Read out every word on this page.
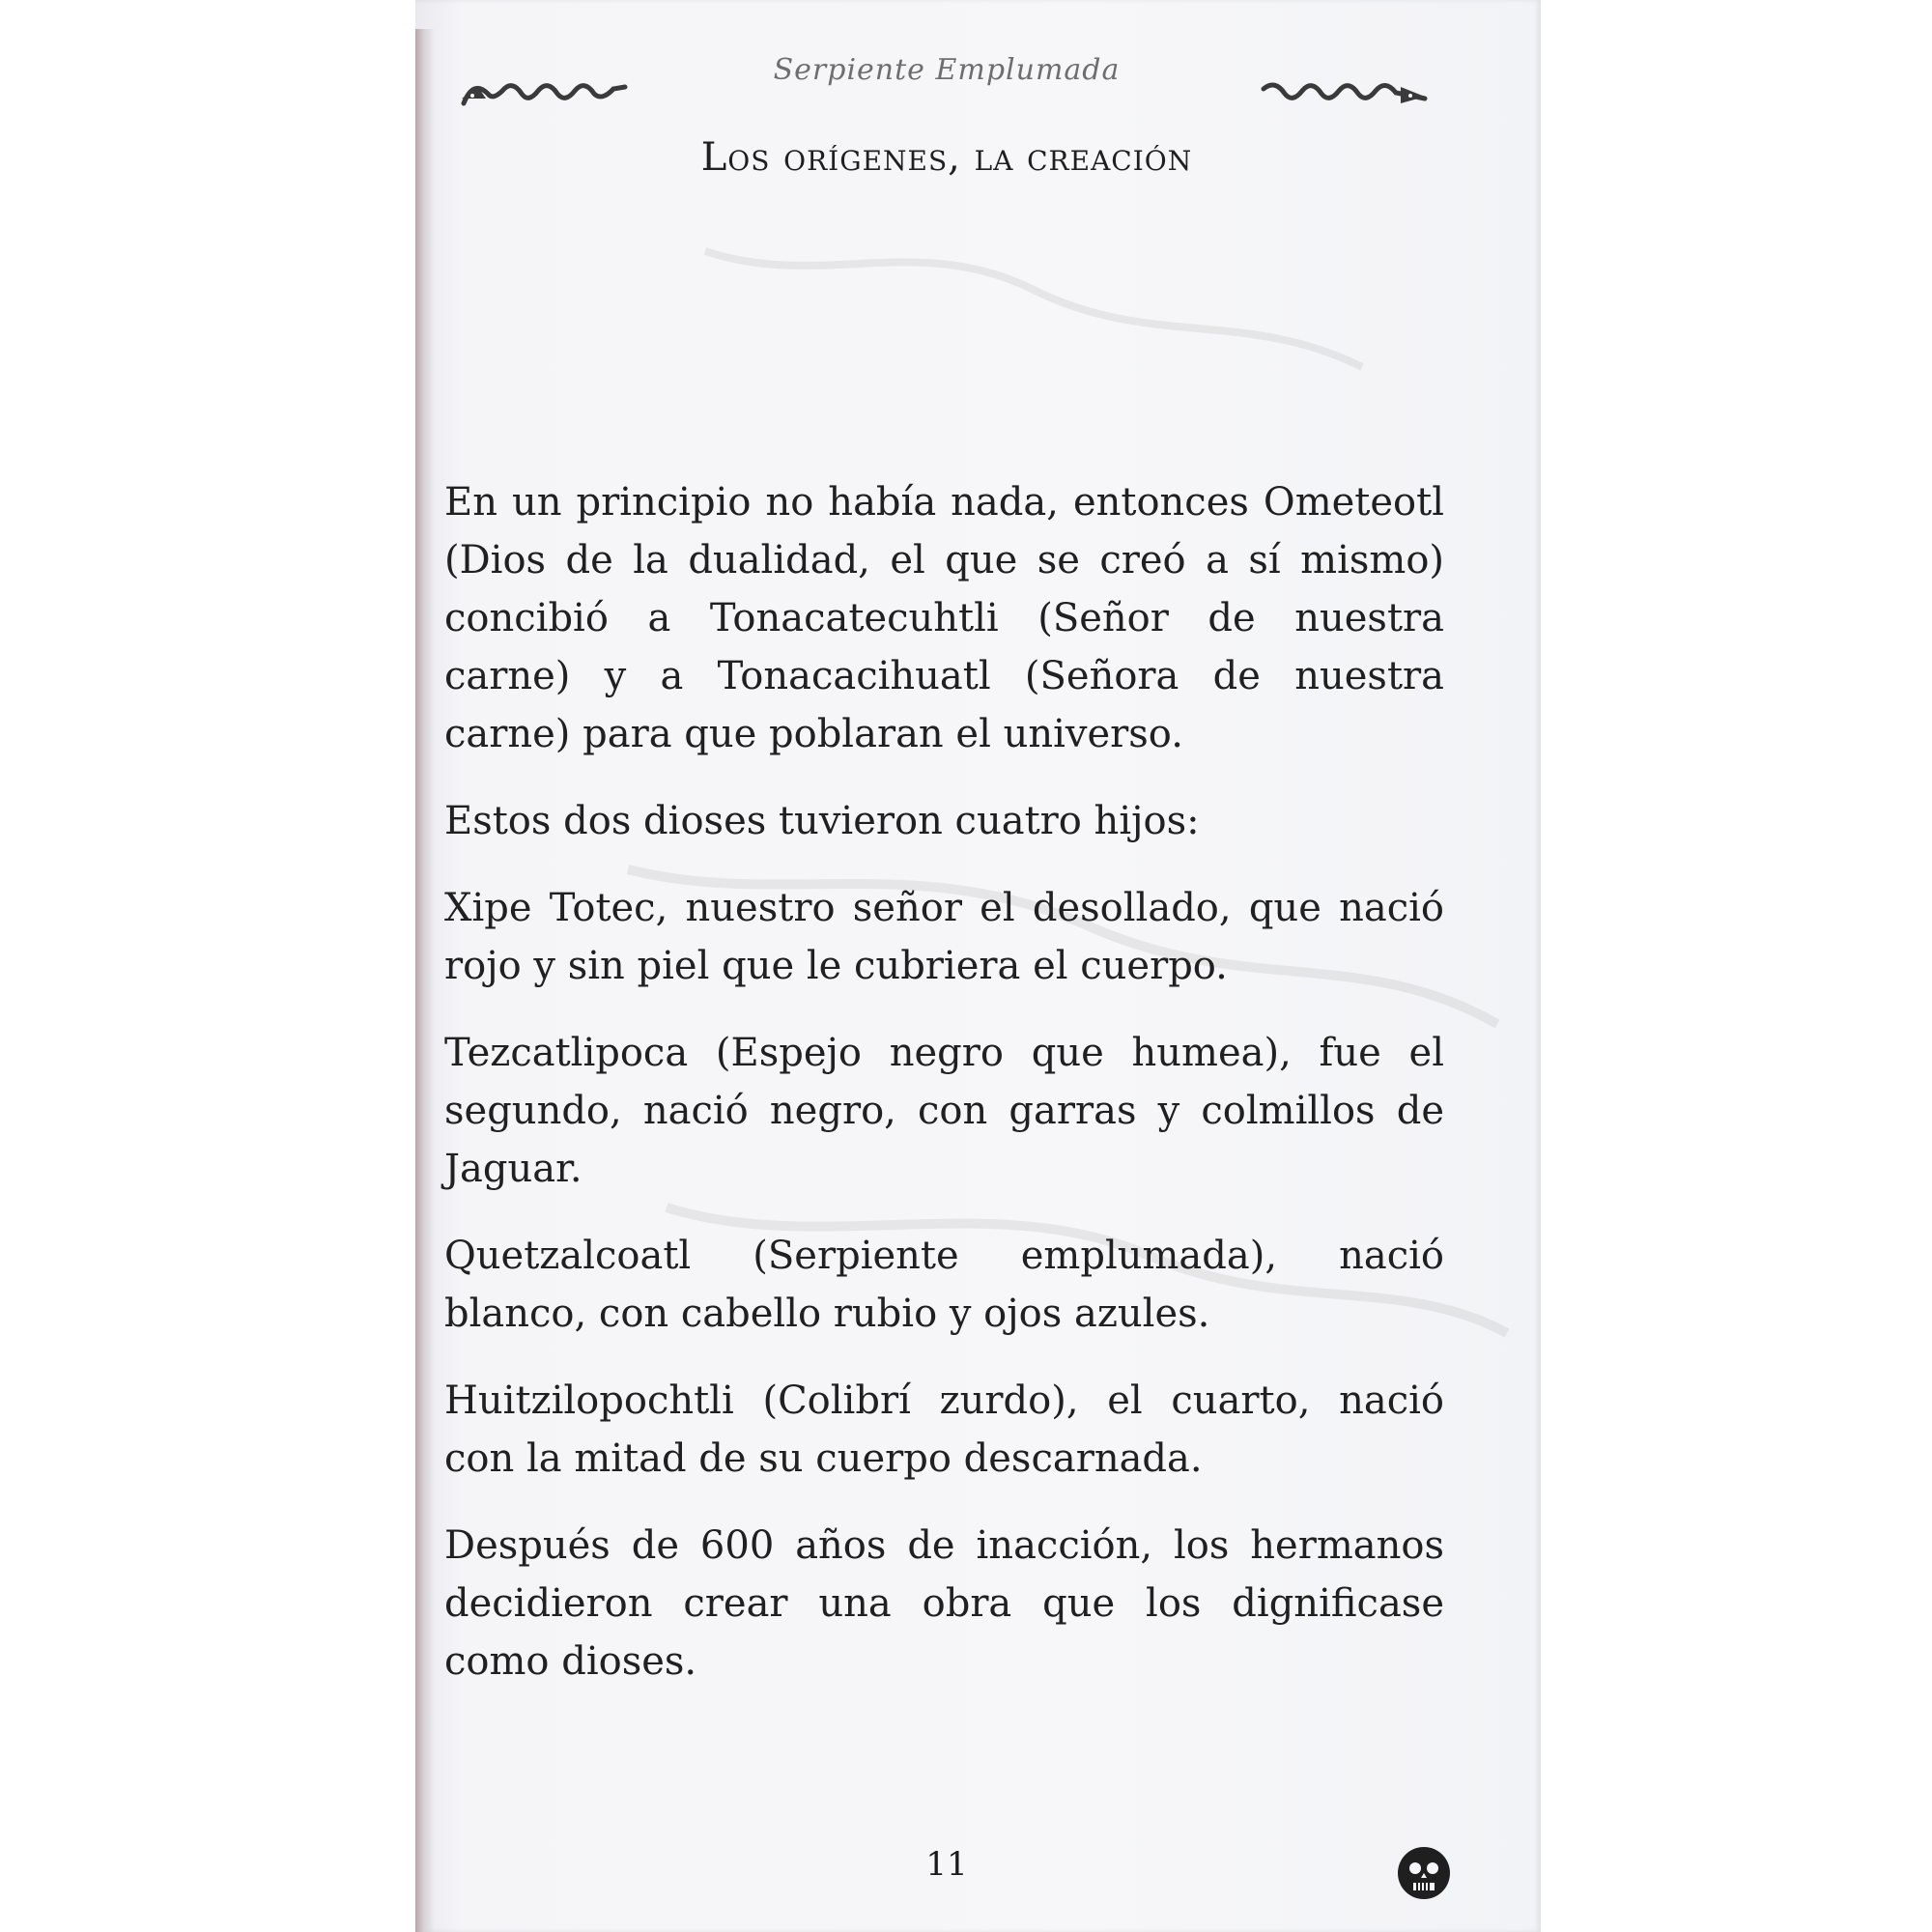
Serpiente Emplumada
Los orígenes, la creación

En un principio no había nada, entonces Ometeotl (Dios de la dualidad, el que se creó a sí mismo) concibió a Tonacatecuhtli (Señor de nuestra carne) y a Tonacacihuatl (Señora de nuestra carne) para que poblaran el universo.

Estos dos dioses tuvieron cuatro hijos:

Xipe Totec, nuestro señor el desollado, que nació rojo y sin piel que le cubriera el cuerpo.

Tezcatlipoca (Espejo negro que humea), fue el segundo, nació negro, con garras y colmillos de Jaguar.

Quetzalcoatl (Serpiente emplumada), nació blanco, con cabello rubio y ojos azules.

Huitzilopochtli (Colibrí zurdo), el cuarto, nació con la mitad de su cuerpo descarnada.

Después de 600 años de inacción, los hermanos decidieron crear una obra que los dignificase como dioses.

11
